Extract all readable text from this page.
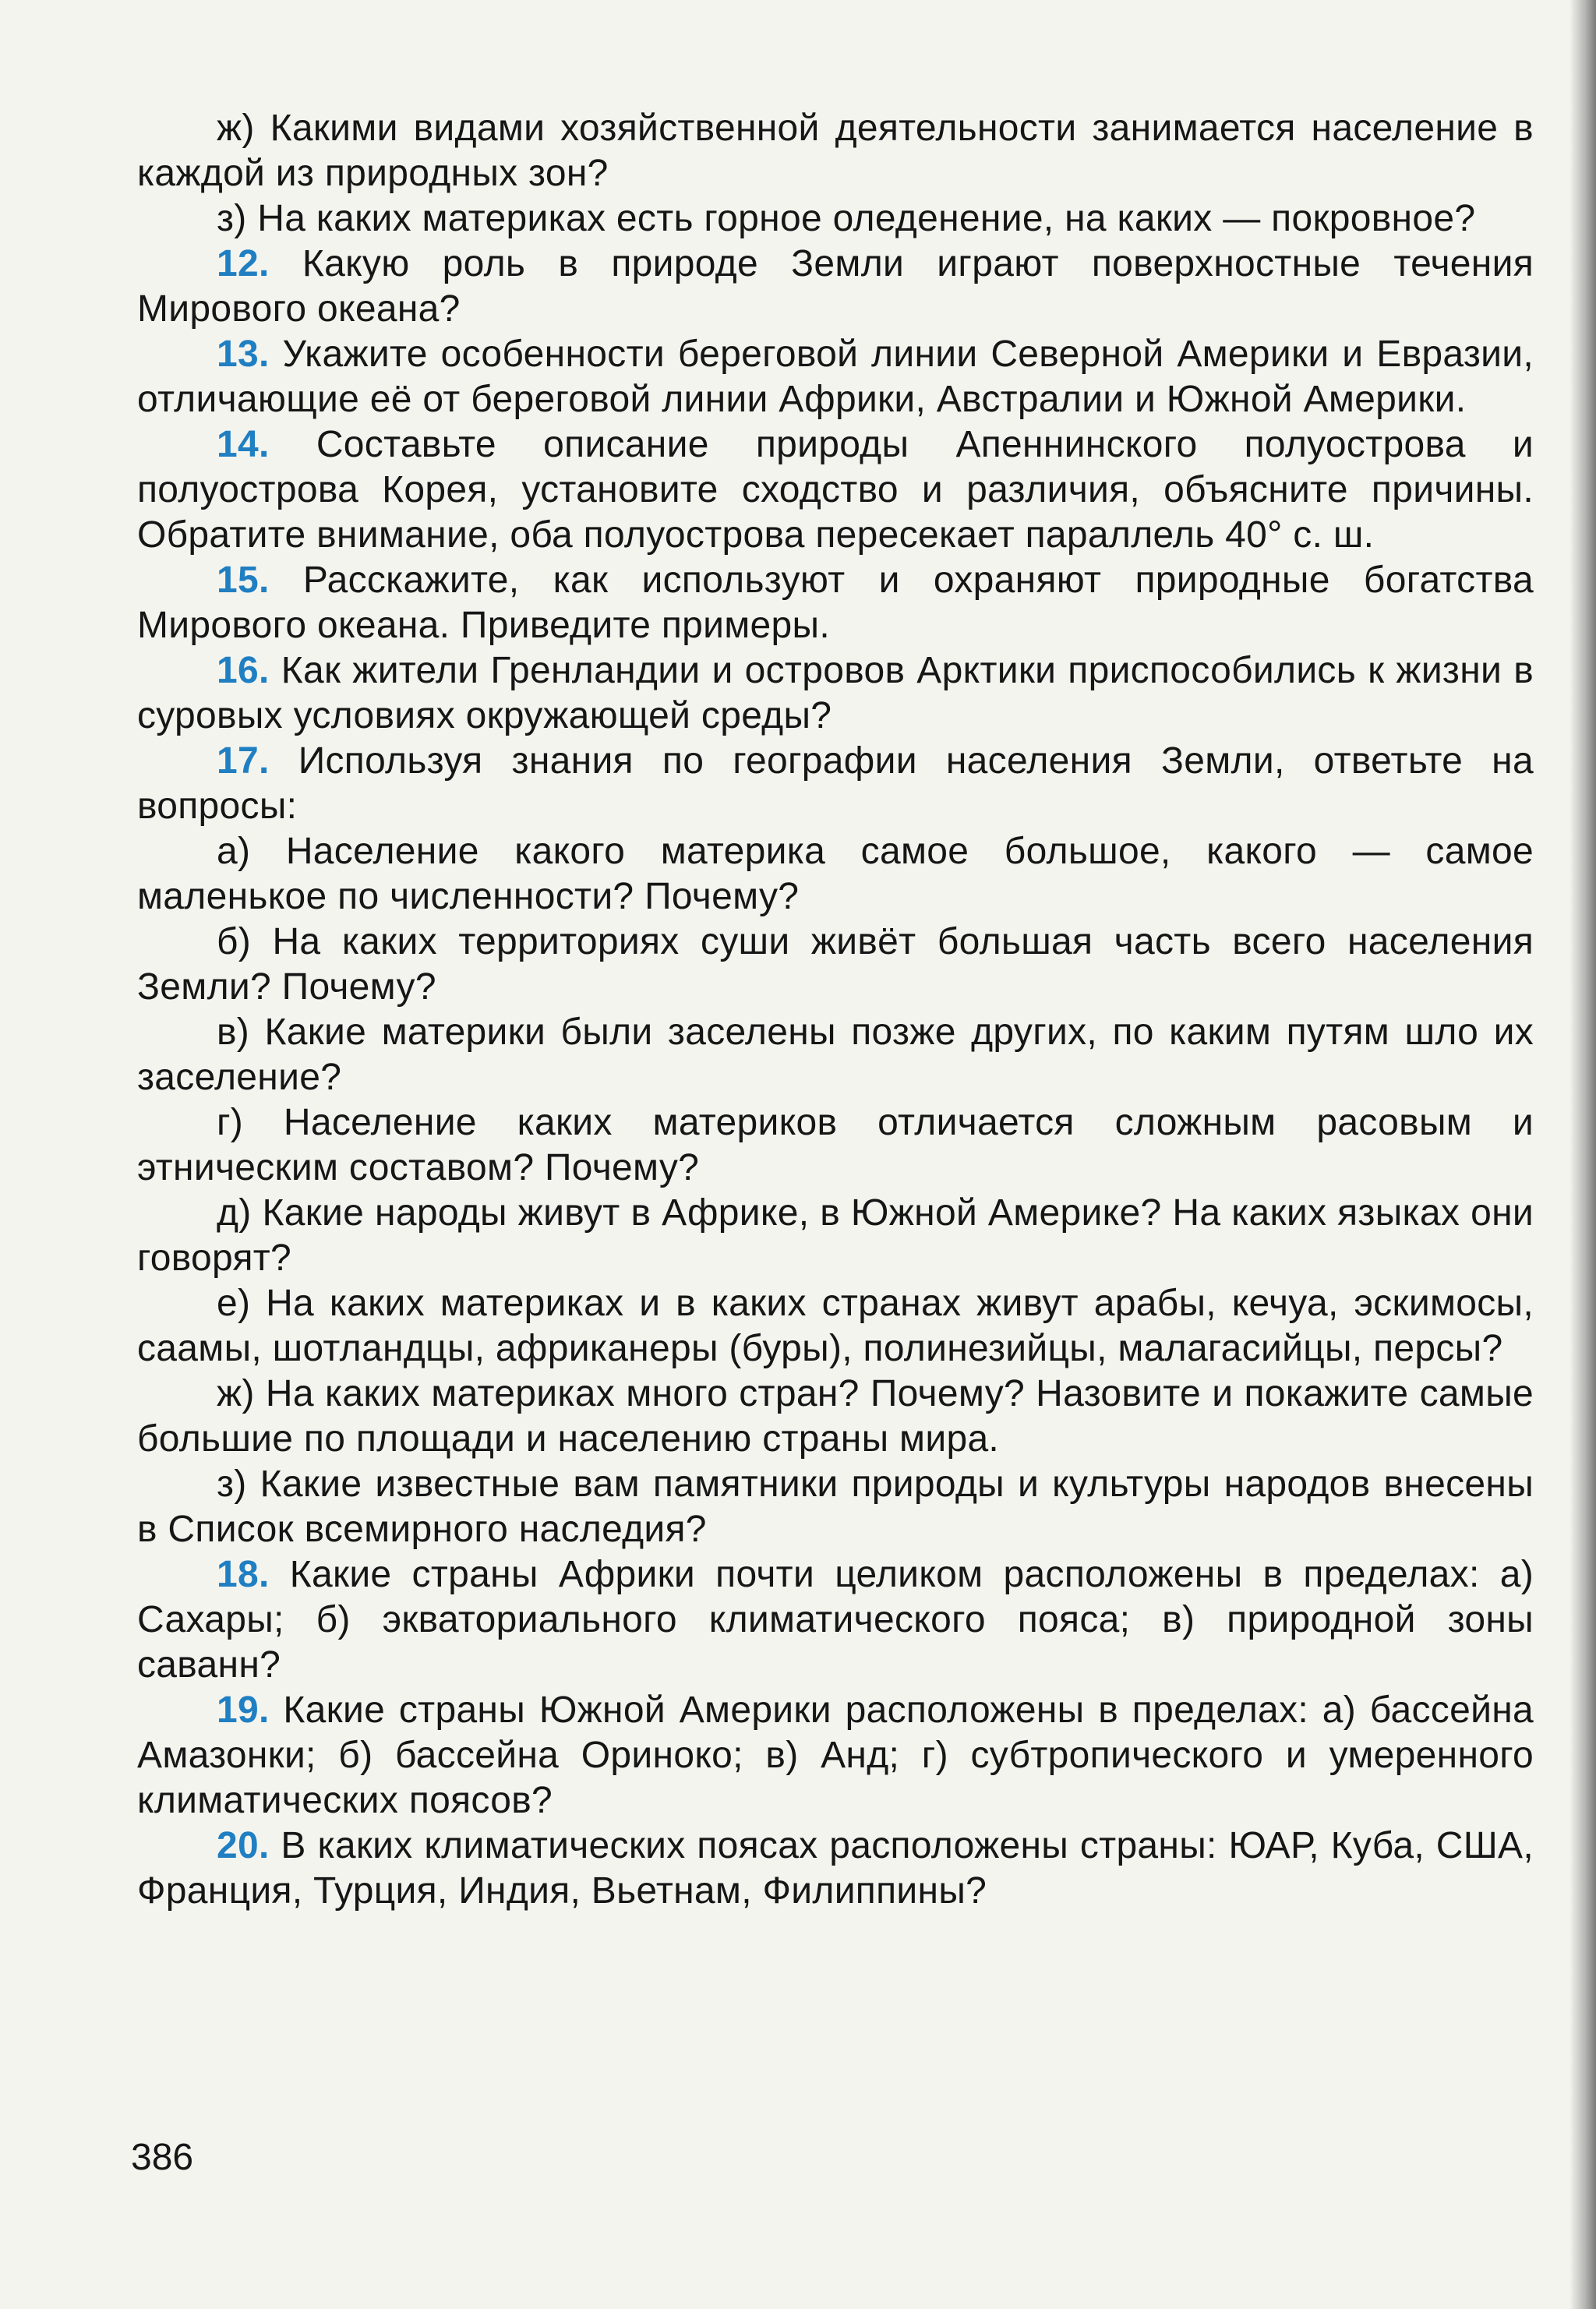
ж) Какими видами хозяйственной деятельности занимается население в каждой из природных зон?

з) На каких материках есть горное оледенение, на каких — покровное?

12. Какую роль в природе Земли играют поверхностные течения Мирового океана?

13. Укажите особенности береговой линии Северной Америки и Евразии, отличающие её от береговой линии Африки, Австралии и Южной Америки.

14. Составьте описание природы Апеннинского полуострова и полуострова Корея, установите сходство и различия, объясните причины. Обратите внимание, оба полуострова пересекает параллель 40° с. ш.

15. Расскажите, как используют и охраняют природные богатства Мирового океана. Приведите примеры.

16. Как жители Гренландии и островов Арктики приспособились к жизни в суровых условиях окружающей среды?

17. Используя знания по географии населения Земли, ответьте на вопросы:

а) Население какого материка самое большое, какого — самое маленькое по численности? Почему?

б) На каких территориях суши живёт большая часть всего населения Земли? Почему?

в) Какие материки были заселены позже других, по каким путям шло их заселение?

г) Население каких материков отличается сложным расовым и этническим составом? Почему?

д) Какие народы живут в Африке, в Южной Америке? На каких языках они говорят?

е) На каких материках и в каких странах живут арабы, кечуа, эскимосы, саамы, шотландцы, африканеры (буры), полинезийцы, малагасийцы, персы?

ж) На каких материках много стран? Почему? Назовите и покажите самые большие по площади и населению страны мира.

з) Какие известные вам памятники природы и культуры народов внесены в Список всемирного наследия?

18. Какие страны Африки почти целиком расположены в пределах: а) Сахары; б) экваториального климатического пояса; в) природной зоны саванн?

19. Какие страны Южной Америки расположены в пределах: а) бассейна Амазонки; б) бассейна Ориноко; в) Анд; г) субтропического и умеренного климатических поясов?

20. В каких климатических поясах расположены страны: ЮАР, Куба, США, Франция, Турция, Индия, Вьетнам, Филиппины?

386
